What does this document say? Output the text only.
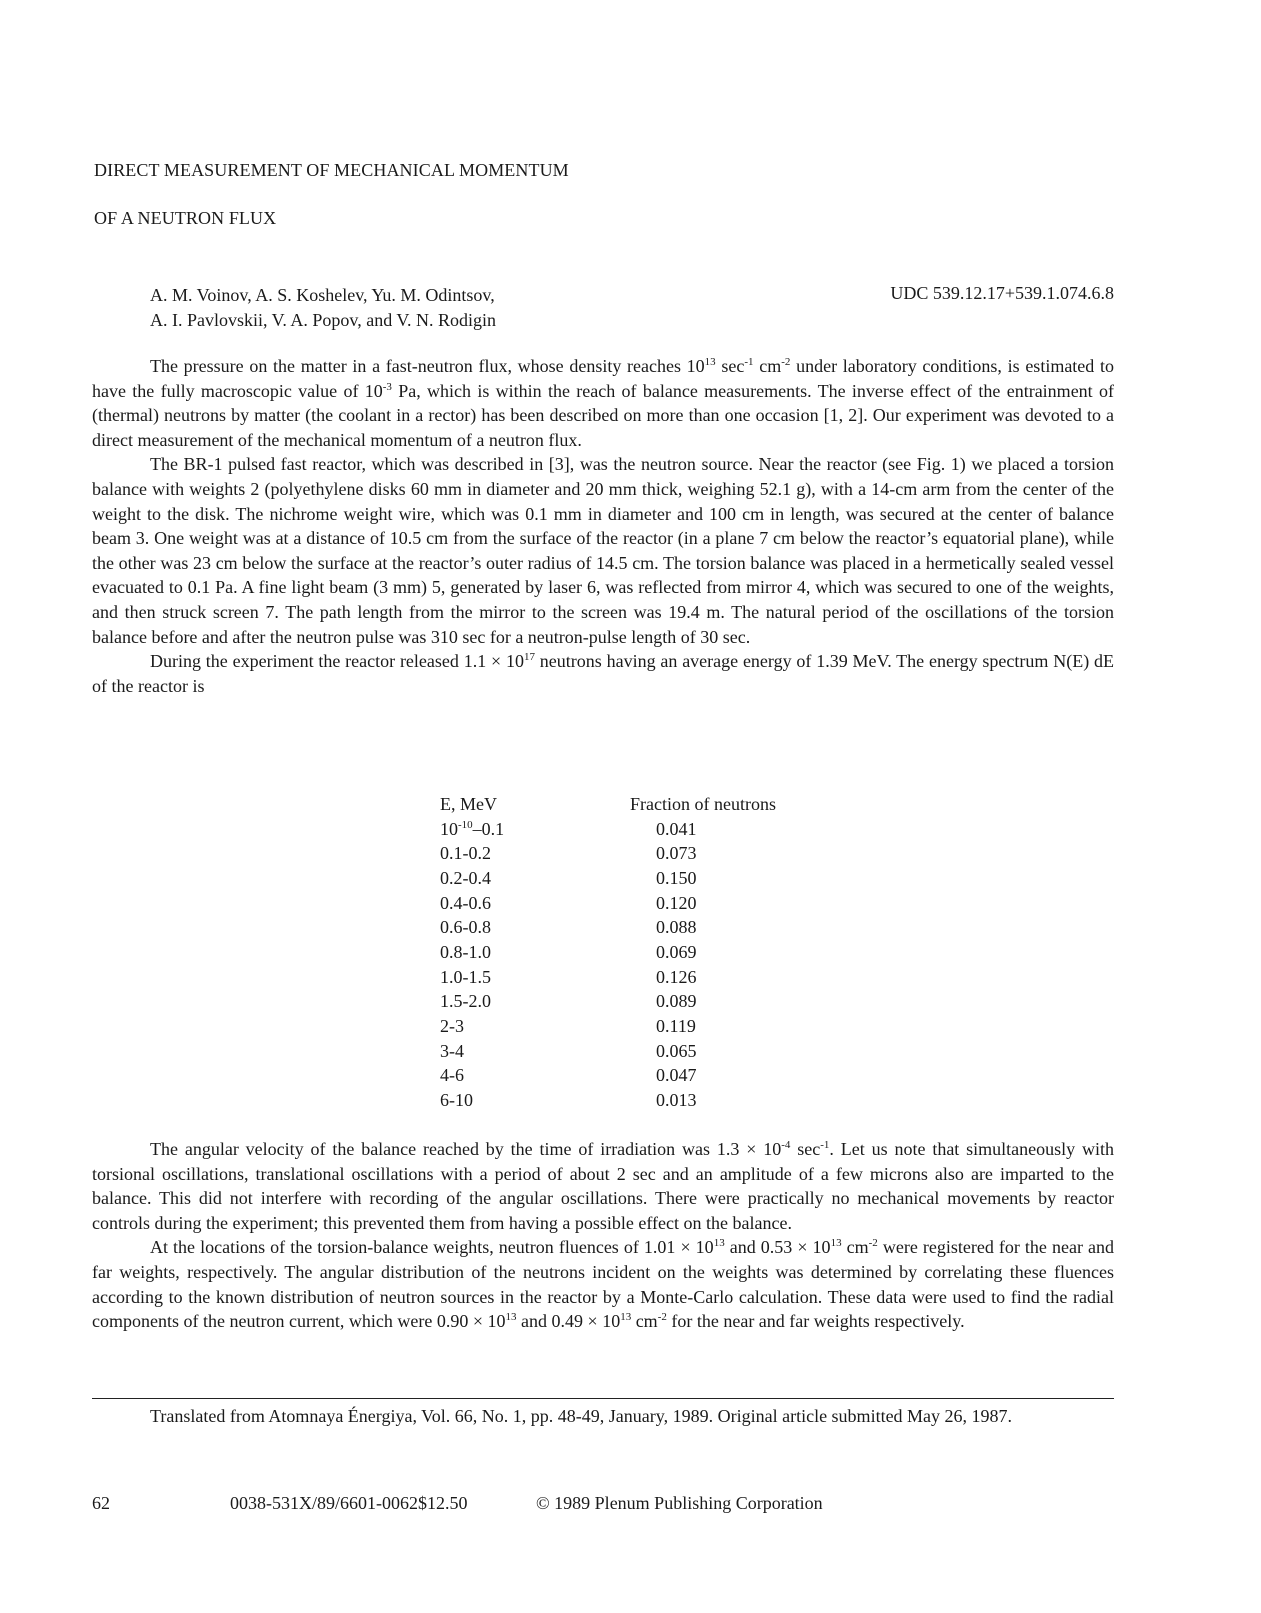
DIRECT MEASUREMENT OF MECHANICAL MOMENTUM
OF A NEUTRON FLUX
A. M. Voinov, A. S. Koshelev, Yu. M. Odintsov,
A. I. Pavlovskii, V. A. Popov, and V. N. Rodigin
UDC 539.12.17+539.1.074.6.8

The pressure on the matter in a fast-neutron flux, whose density reaches $10^{13}$ $\sec^{-1} cm^{-2}$ under laboratory conditions, is estimated to have the fully macroscopic value of $10^{-3}$ Pa, which is within the reach of balance measurements. The inverse effect of the entrainment of (thermal) neutrons by matter (the coolant in a rector) has been described on more than one occasion [1, 2]. Our experiment was devoted to a direct measurement of the mechanical momentum of a neutron flux.

The BR-1 pulsed fast reactor, which was described in [3], was the neutron source. Near the reactor (see Fig. 1) we placed a torsion balance with weights 2 (polyethylene disks 60 mm in diameter and 20 mm thick, weighing 52.1 g), with a 14-cm arm from the center of the weight to the disk. The nichrome weight wire, which was 0.1 mm in diameter and 100 cm in length, was secured at the center of balance beam 3. One weight was at a distance of 10.5 cm from the surface of the reactor (in a plane 7 cm below the reactor’s equatorial plane), while the other was 23 cm below the surface at the reactor’s outer radius of 14.5 cm. The torsion balance was placed in a hermetically sealed vessel evacuated to 0.1 Pa. A fine light beam (3 mm) 5, generated by laser 6, was reflected from mirror 4, which was secured to one of the weights, and then struck screen 7. The path length from the mirror to the screen was 19.4 m. The natural period of the oscillations of the torsion balance before and after the neutron pulse was 310 sec for a neutron-pulse length of 30 sec.

During the experiment the reactor released $1.1 \times 10^{17}$ neutrons having an average energy of 1.39 MeV. The energy spectrum N(E) dE of the reactor is

E, MeV	Fraction of neutrons
$10^{-10}-0.1$	0.041
0.1-0.2	0.073
0.2-0.4	0.150
0.4-0.6	0.120
0.6-0.8	0.088
0.8-1.0	0.069
1.0-1.5	0.126
1.5-2.0	0.089
2-3	0.119
3-4	0.065
4-6	0.047
6-10	0.013

The angular velocity of the balance reached by the time of irradiation was $1.3 \times 10^{-4}$ $\sec^{-1}$. Let us note that simultaneously with torsional oscillations, translational oscillations with a period of about 2 sec and an amplitude of a few microns also are imparted to the balance. This did not interfere with recording of the angular oscillations. There were practically no mechanical movements by reactor controls during the experiment; this prevented them from having a possible effect on the balance.

At the locations of the torsion-balance weights, neutron fluences of $1.01 \times 10^{13}$ and $0.53 \times 10^{13}$ $cm^{-2}$ were registered for the near and far weights, respectively. The angular distribution of the neutrons incident on the weights was determined by correlating these fluences according to the known distribution of neutron sources in the reactor by a Monte-Carlo calculation. These data were used to find the radial components of the neutron current, which were $0.90 \times 10^{13}$ and $0.49 \times 10^{13}$ $cm^{-2}$ for the near and far weights respectively.

Translated from Atomnaya Énergiya, Vol. 66, No. 1, pp. 48-49, January, 1989. Original article submitted May 26, 1987.

62	0038-531X/89/6601-0062$12.50	© 1989 Plenum Publishing Corporation
